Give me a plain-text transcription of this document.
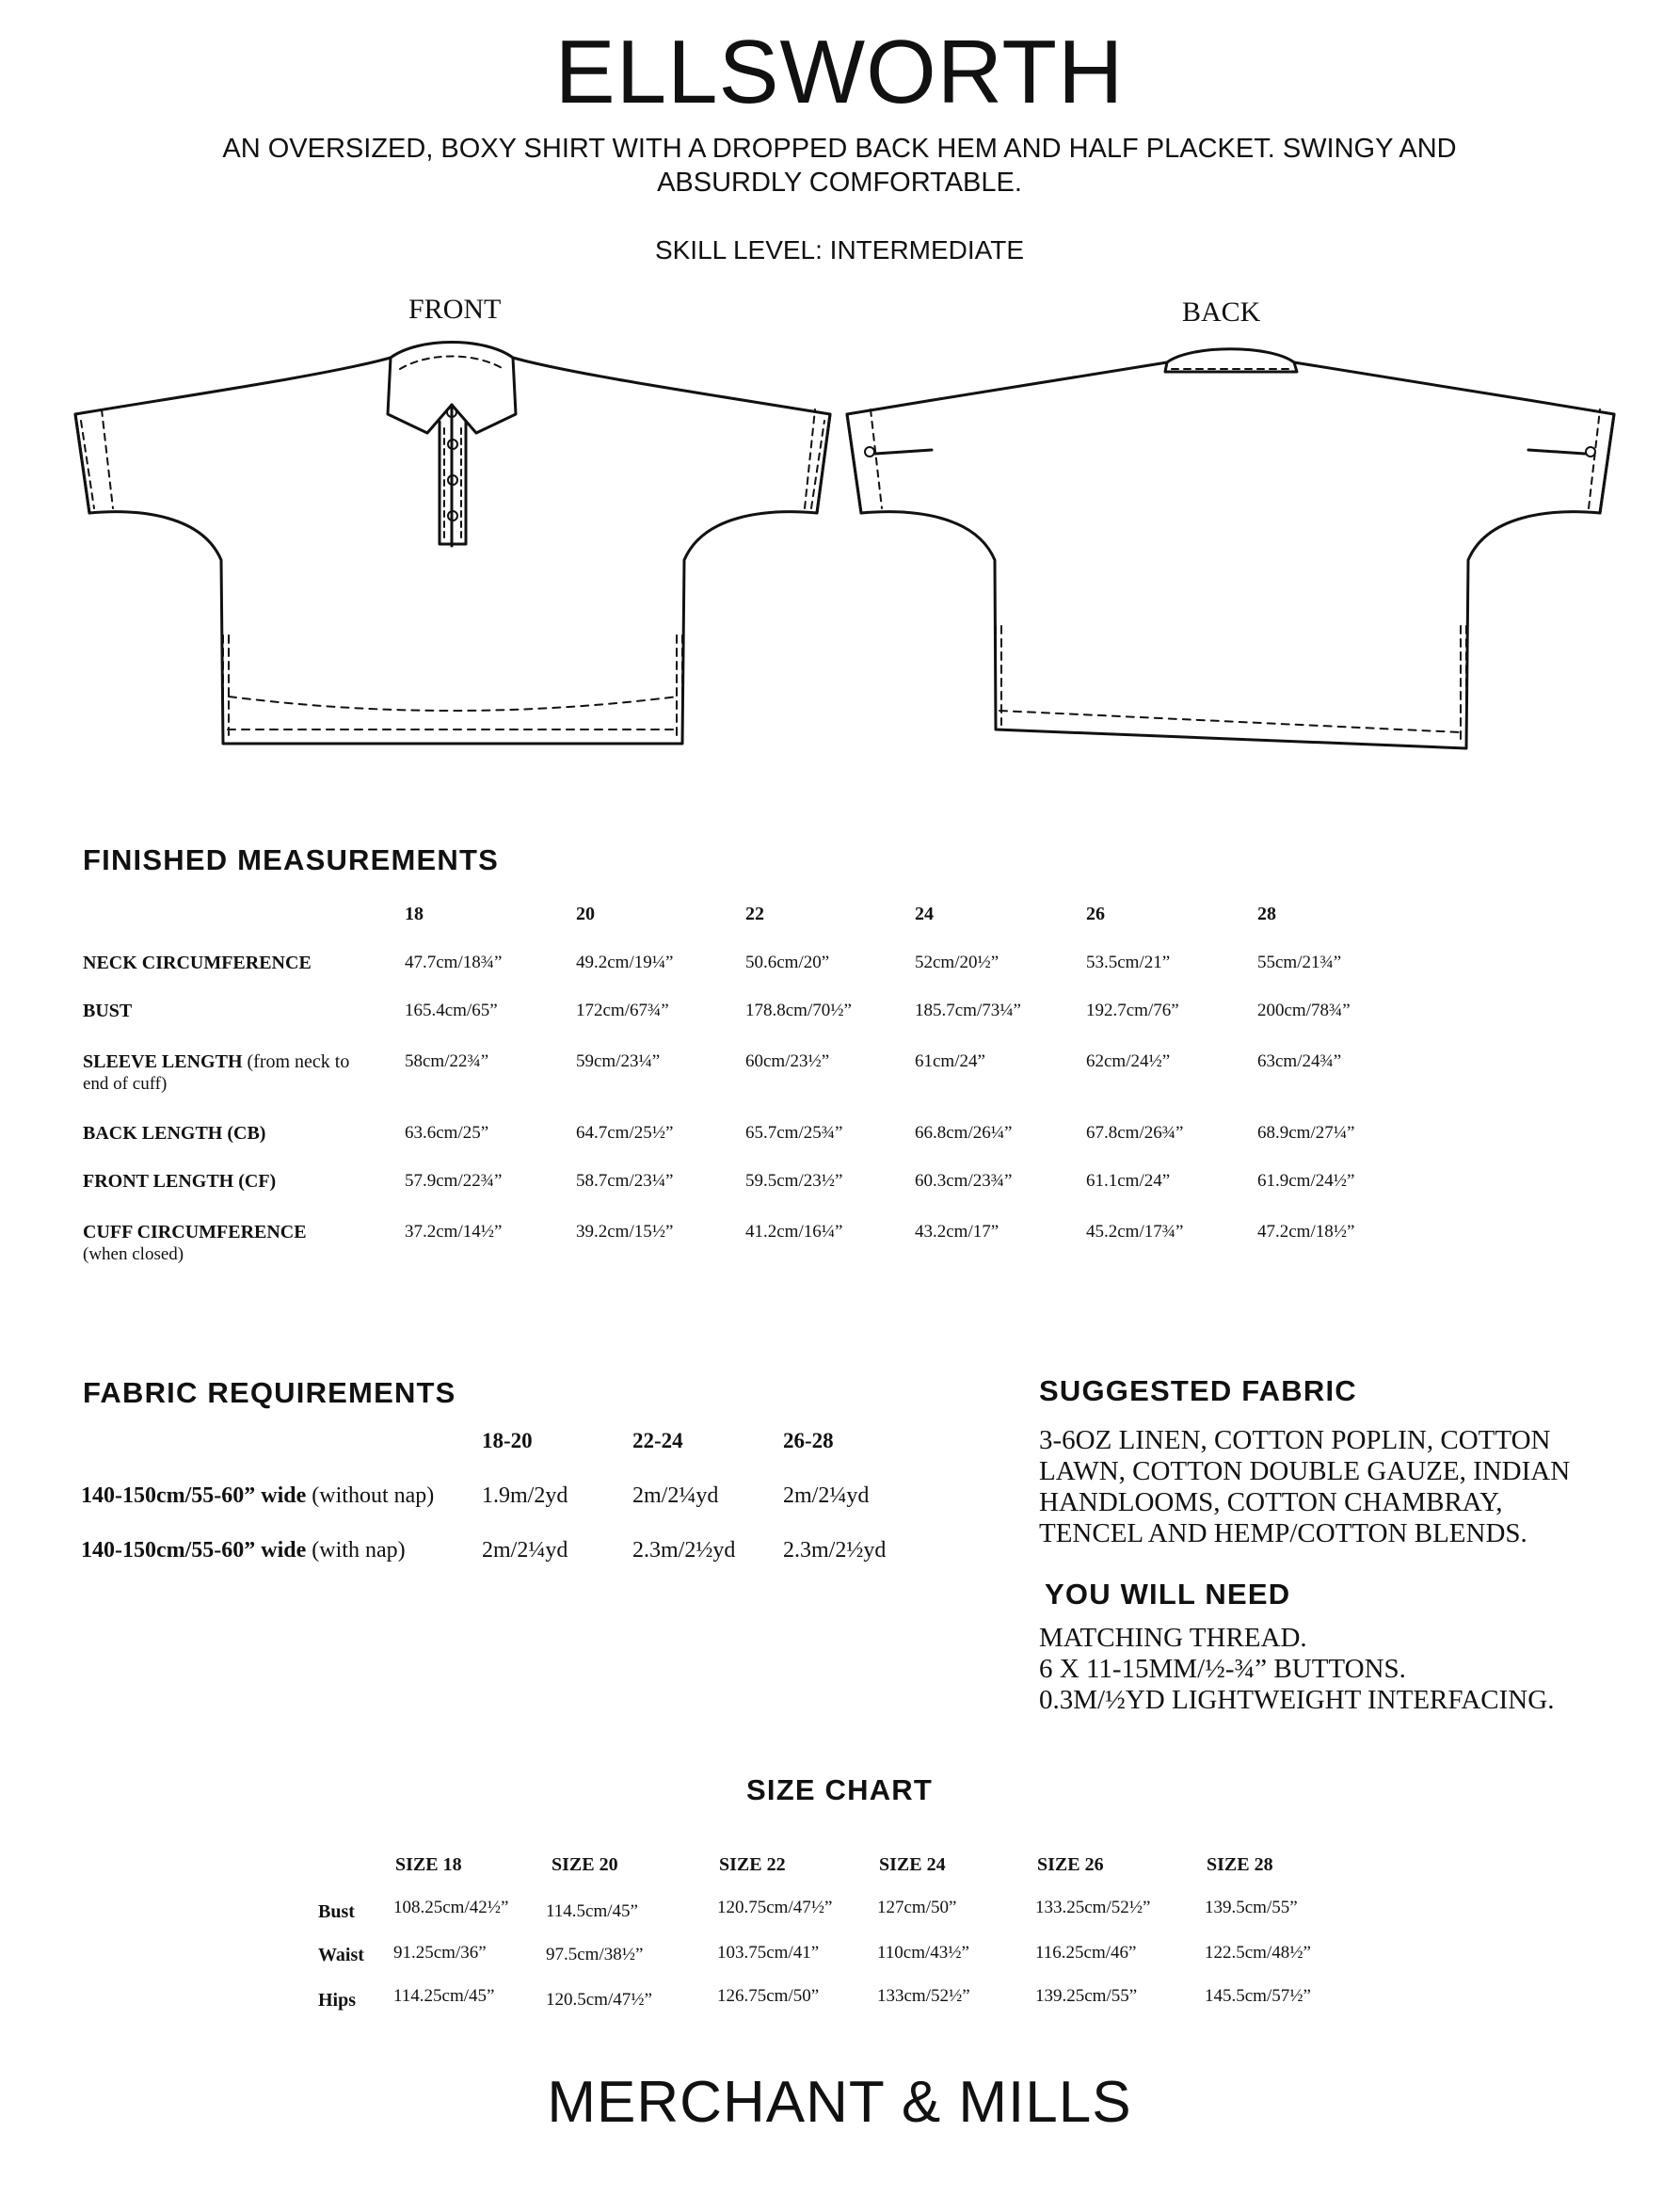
ELLSWORTH
AN OVERSIZED, BOXY SHIRT WITH A DROPPED BACK HEM AND HALF PLACKET. SWINGY AND
ABSURDLY COMFORTABLE.
SKILL LEVEL: INTERMEDIATE
FRONT	BACK
FINISHED MEASUREMENTS
18	20	22	24	26	28
NECK CIRCUMFERENCE	47.7cm/18¾”	49.2cm/19¼”	50.6cm/20”	52cm/20½”	53.5cm/21”	55cm/21¾”
BUST	165.4cm/65”	172cm/67¾”	178.8cm/70½”	185.7cm/73¼”	192.7cm/76”	200cm/78¾”
SLEEVE LENGTH (from neck to
end of cuff)
58cm/22¾”	59cm/23¼”	60cm/23½”	61cm/24”	62cm/24½”	63cm/24¾”
BACK LENGTH (CB)	63.6cm/25”	64.7cm/25½”	65.7cm/25¾”	66.8cm/26¼”	67.8cm/26¾”	68.9cm/27¼”
FRONT LENGTH (CF)	57.9cm/22¾”	58.7cm/23¼”	59.5cm/23½”	60.3cm/23¾”	61.1cm/24”	61.9cm/24½”
CUFF CIRCUMFERENCE
(when closed)
37.2cm/14½”	39.2cm/15½”	41.2cm/16¼”	43.2cm/17”	45.2cm/17¾”	47.2cm/18½”
FABRIC REQUIREMENTS
18-20	22-24	26-28
140-150cm/55-60” wide (without nap) 1.9m/2yd	2m/2¼yd	2m/2¼yd
140-150cm/55-60” wide (with nap)	2m/2¼yd	2.3m/2½yd 2.3m/2½yd
SUGGESTED FABRIC
3-6OZ LINEN, COTTON POPLIN, COTTON
LAWN, COTTON DOUBLE GAUZE, INDIAN
HANDLOOMS, COTTON CHAMBRAY,
TENCEL AND HEMP/COTTON BLENDS.
YOU WILL NEED
MATCHING THREAD.
6 X 11-15MM/½-¾” BUTTONS.
0.3M/½YD LIGHTWEIGHT INTERFACING.
SIZE CHART
SIZE 18	SIZE 20	SIZE 22	SIZE 24	SIZE 26	SIZE 28
Bust 108.25cm/42½” 114.5cm/45”	120.75cm/47½”	127cm/50”	133.25cm/52½”	139.5cm/55”
Waist 91.25cm/36”	97.5cm/38½”	103.75cm/41”	110cm/43½”	116.25cm/46”	122.5cm/48½”
Hips 114.25cm/45”	120.5cm/47½”	126.75cm/50”	133cm/52½”	139.25cm/55”	145.5cm/57½”
MERCHANT & MILLS
